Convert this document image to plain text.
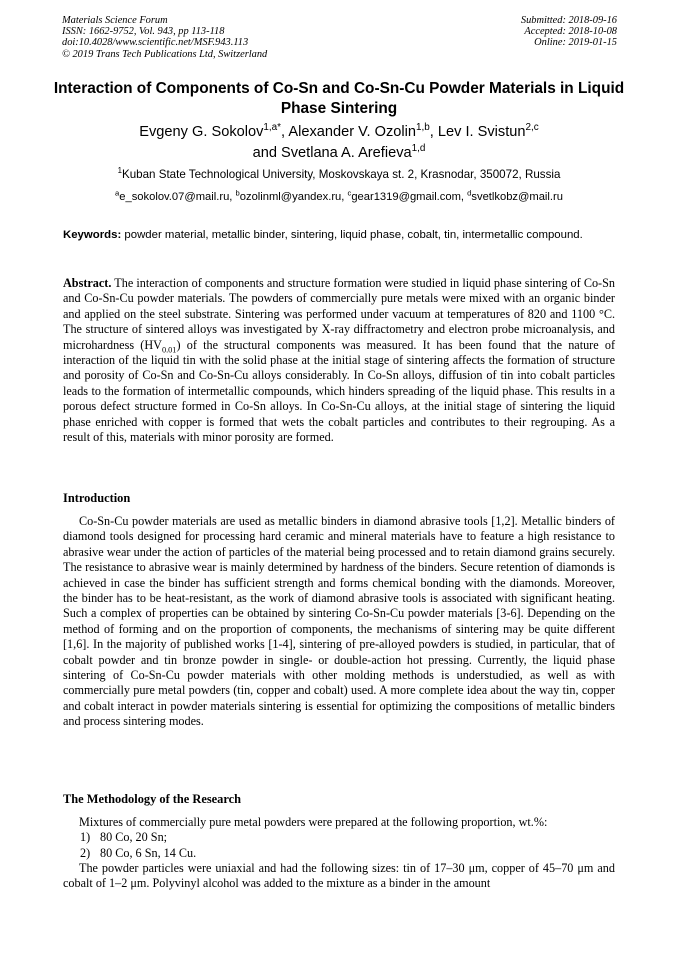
Materials Science Forum
ISSN: 1662-9752, Vol. 943, pp 113-118
doi:10.4028/www.scientific.net/MSF.943.113
© 2019 Trans Tech Publications Ltd, Switzerland
Submitted: 2018-09-16
Accepted: 2018-10-08
Online: 2019-01-15
Interaction of Components of Co-Sn and Co-Sn-Cu Powder Materials in Liquid Phase Sintering
Evgeny G. Sokolov$^{1,a*}$, Alexander V. Ozolin$^{1,b}$, Lev I. Svistun$^{2,c}$
and Svetlana A. Arefieva$^{1,d}$
$^1$Kuban State Technological University, Moskovskaya st. 2, Krasnodar, 350072, Russia
$^a$e_sokolov.07@mail.ru, $^b$ozolinml@yandex.ru, $^c$gear1319@gmail.com, $^d$svetlkobz@mail.ru
Keywords: powder material, metallic binder, sintering, liquid phase, cobalt, tin, intermetallic compound.
Abstract. The interaction of components and structure formation were studied in liquid phase sintering of Co-Sn and Co-Sn-Cu powder materials. The powders of commercially pure metals were mixed with an organic binder and applied on the steel substrate. Sintering was performed under vacuum at temperatures of 820 and 1100 °C. The structure of sintered alloys was investigated by X-ray diffractometry and electron probe microanalysis, and microhardness $(HV_{0.01})$ of the structural components was measured. It has been found that the nature of interaction of the liquid tin with the solid phase at the initial stage of sintering affects the formation of structure and porosity of Co-Sn and Co-Sn-Cu alloys considerably. In Co-Sn alloys, diffusion of tin into cobalt particles leads to the formation of intermetallic compounds, which hinders spreading of the liquid phase. This results in a porous defect structure formed in Co-Sn alloys. In Co-Sn-Cu alloys, at the initial stage of sintering the liquid phase enriched with copper is formed that wets the cobalt particles and contributes to their regrouping. As a result of this, materials with minor porosity are formed.
Introduction
Co-Sn-Cu powder materials are used as metallic binders in diamond abrasive tools [1,2]. Metallic binders of diamond tools designed for processing hard ceramic and mineral materials have to feature a high resistance to abrasive wear under the action of particles of the material being processed and to retain diamond grains securely. The resistance to abrasive wear is mainly determined by hardness of the binders. Secure retention of diamonds is achieved in case the binder has sufficient strength and forms chemical bonding with the diamonds. Moreover, the binder has to be heat-resistant, as the work of diamond abrasive tools is associated with significant heating. Such a complex of properties can be obtained by sintering Co-Sn-Cu powder materials [3-6]. Depending on the method of forming and on the proportion of components, the mechanisms of sintering may be quite different [1,6]. In the majority of published works [1-4], sintering of pre-alloyed powders is studied, in particular, that of cobalt powder and tin bronze powder in single- or double-action hot pressing. Currently, the liquid phase sintering of Co-Sn-Cu powder materials with other molding methods is understudied, as well as with commercially pure metal powders (tin, copper and cobalt) used. A more complete idea about the way tin, copper and cobalt interact in powder materials sintering is essential for optimizing the compositions of metallic binders and process sintering modes.
The Methodology of the Research
Mixtures of commercially pure metal powders were prepared at the following proportion, wt.%:
1) 80 Co, 20 Sn;
2) 80 Co, 6 Sn, 14 Cu.
The powder particles were uniaxial and had the following sizes: tin of 17–30 μm, copper of 45–70 μm and cobalt of 1–2 μm. Polyvinyl alcohol was added to the mixture as a binder in the amount
